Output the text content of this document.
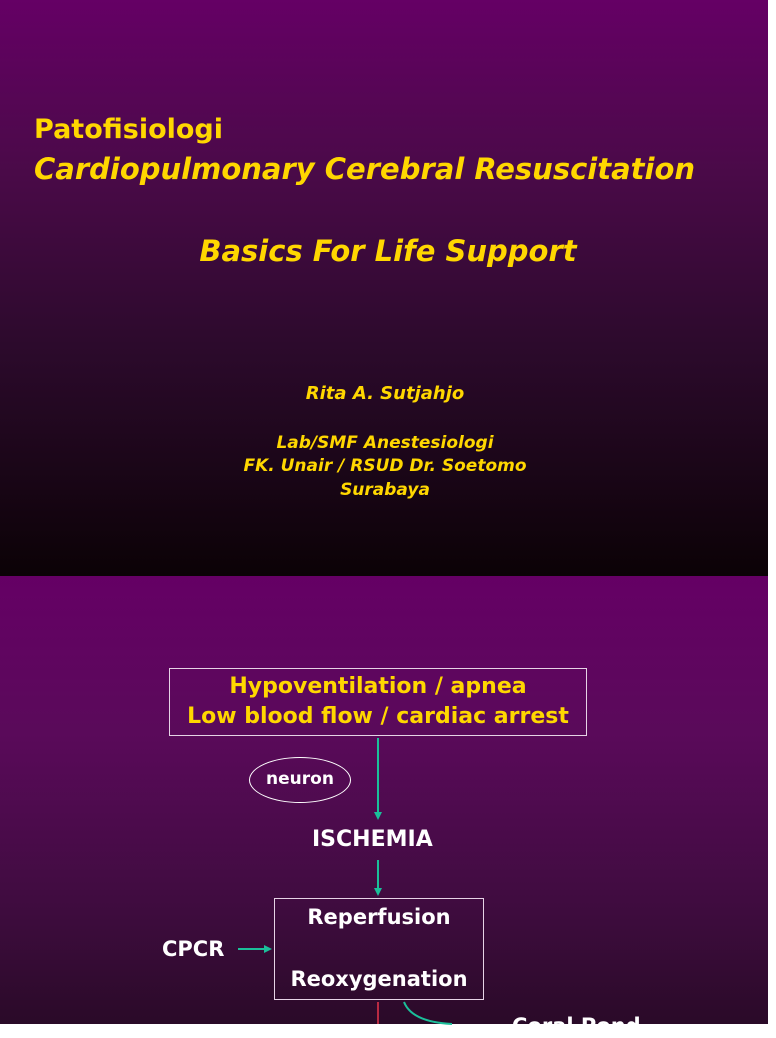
Patofisiologi
Cardiopulmonary Cerebral Resuscitation
Basics For Life Support
Rita A. Sutjahjo
Lab/SMF Anestesiologi
FK. Unair / RSUD Dr. Soetomo
Surabaya
Hypoventilation / apnea
Low blood flow / cardiac arrest
neuron
ISCHEMIA
Reperfusion
Reoxygenation
CPCR
Coral Pond
